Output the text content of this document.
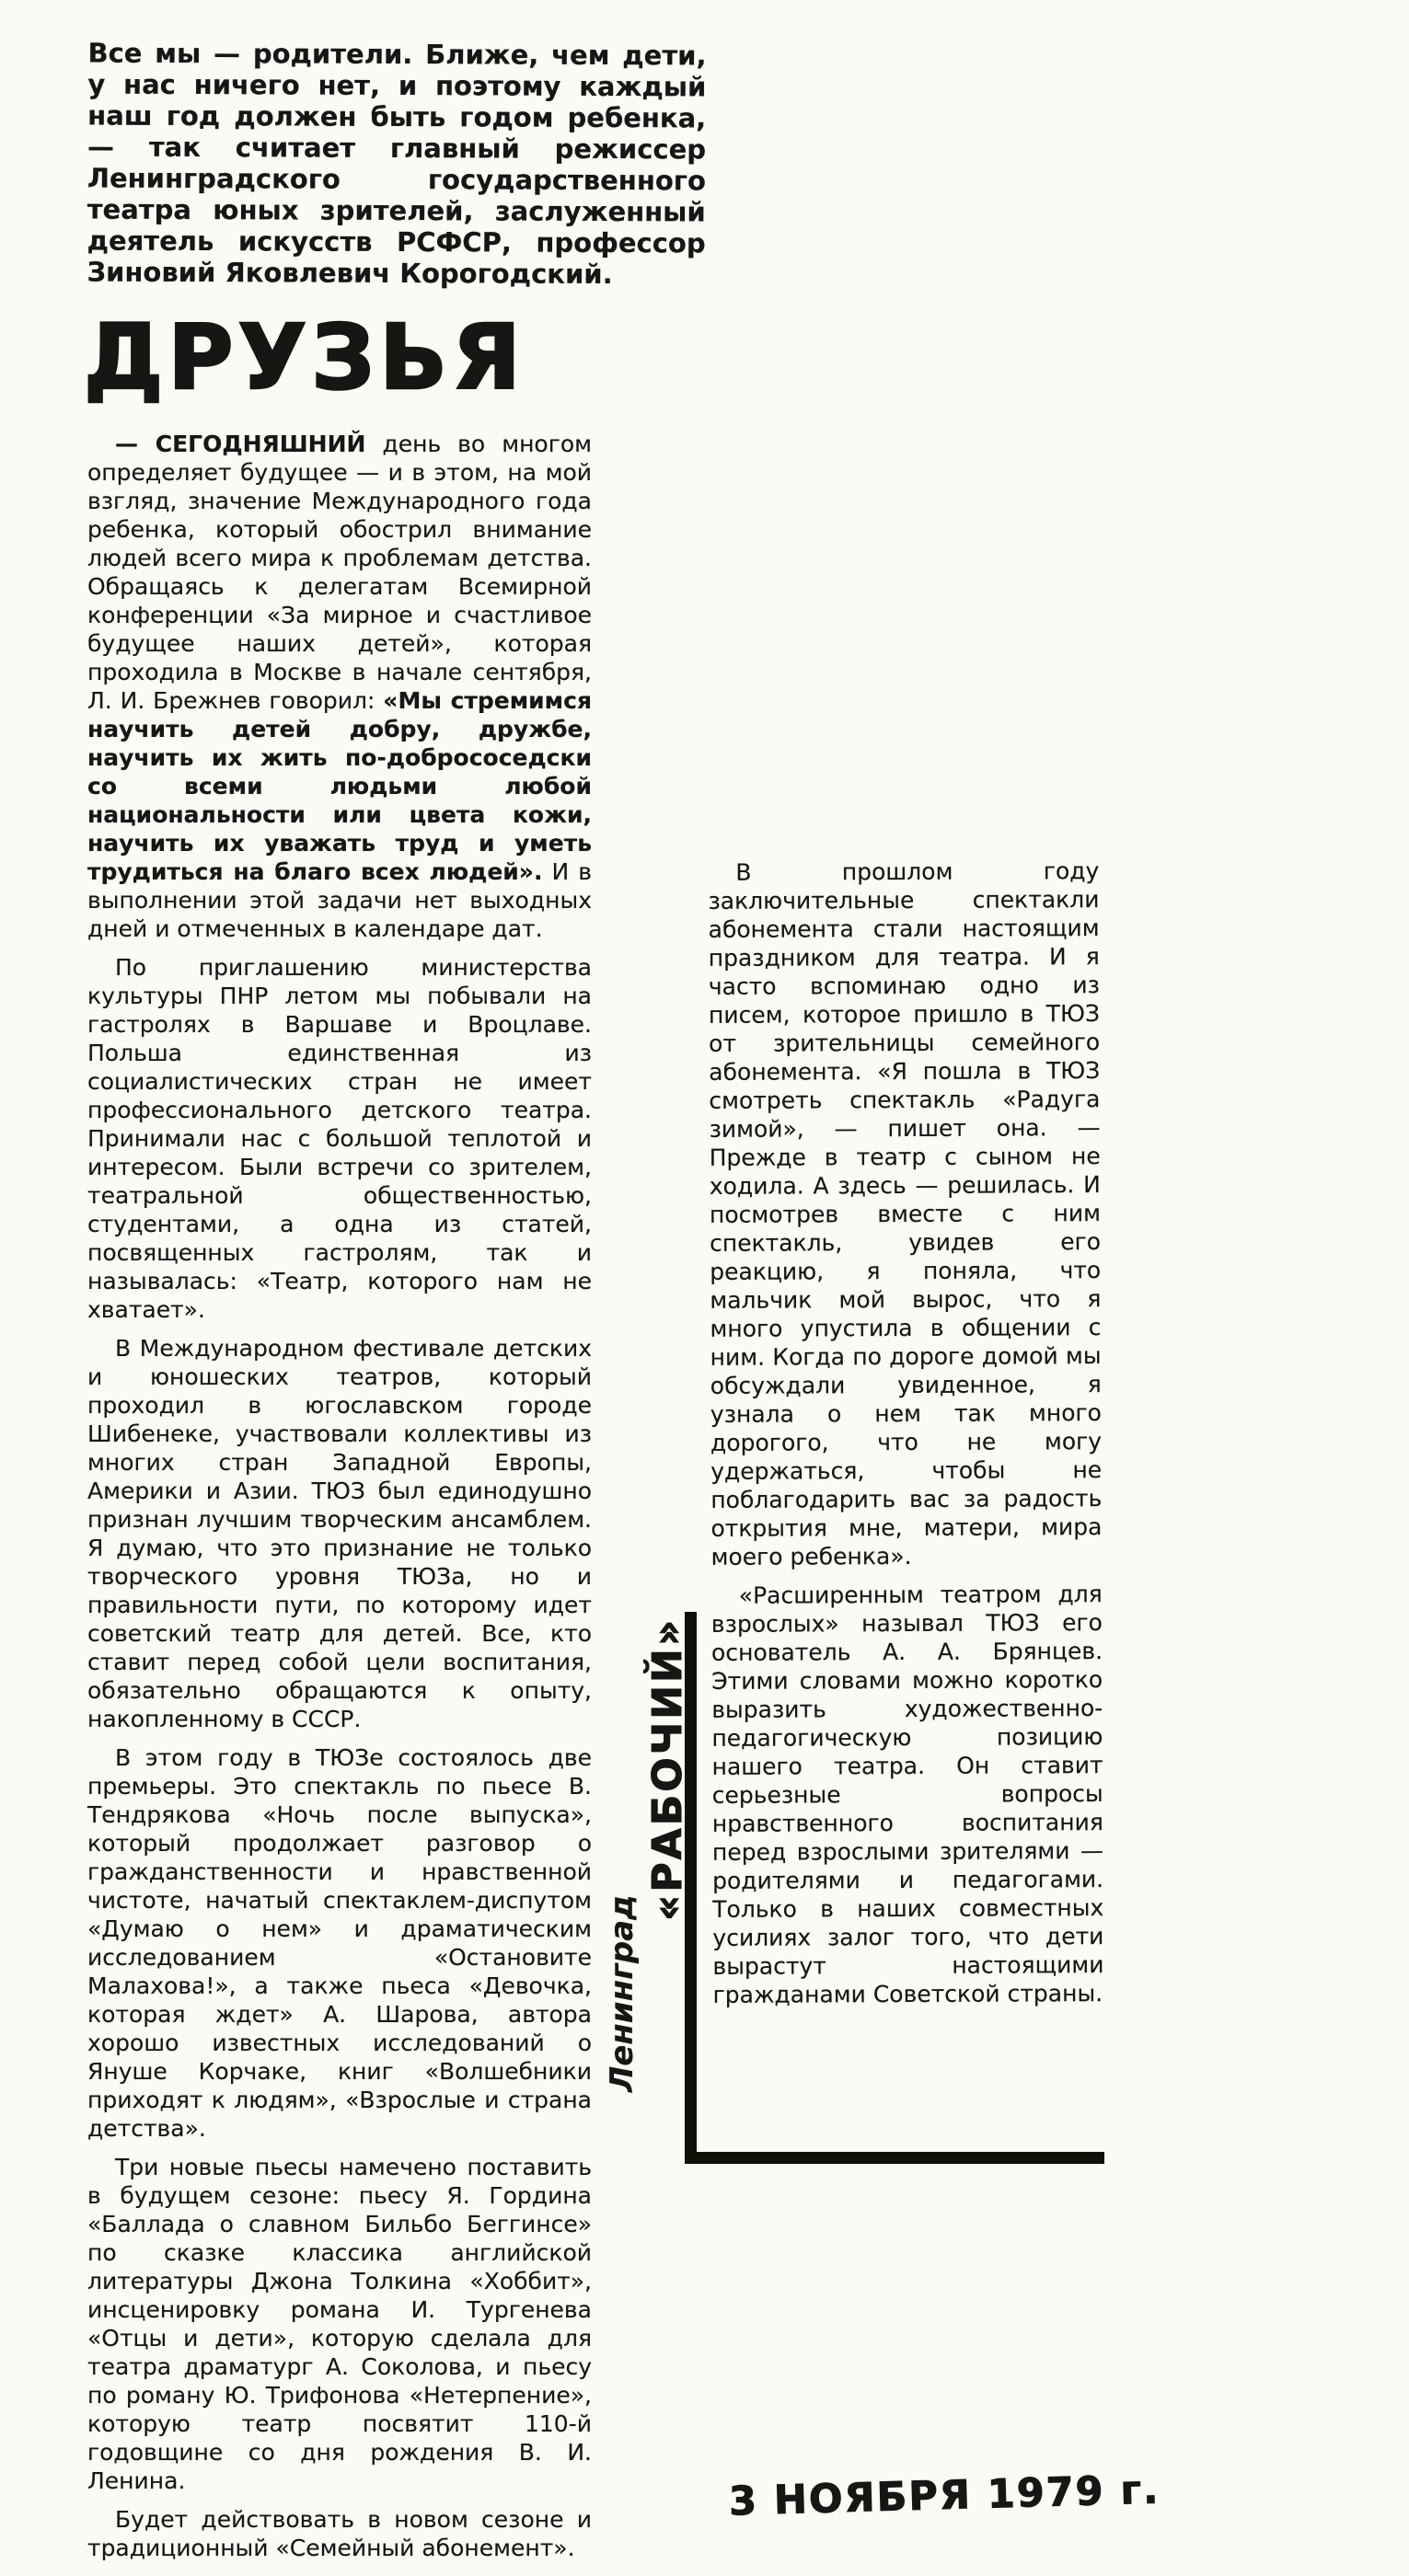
Все мы — родители. Ближе, чем дети, у нас ничего нет, и поэтому каждый наш год должен быть годом ребенка, — так считает главный режиссер Ленинградского государственного театра юных зрителей, заслуженный деятель искусств РСФСР, профессор Зиновий Яковлевич Корогодский.
ДРУЗЬЯ

— СЕГОДНЯШНИЙ день во многом определяет будущее — и в этом, на мой взгляд, значение Международного года ребенка, который обострил внимание людей всего мира к проблемам детства. Обращаясь к делегатам Всемирной конференции «За мирное и счастливое будущее наших детей», которая проходила в Москве в начале сентября, Л. И. Брежнев говорил: «Мы стремимся научить детей добру, дружбе, научить их жить по-добрососедски со всеми людьми любой национальности или цвета кожи, научить их уважать труд и уметь трудиться на благо всех людей». И в выполнении этой задачи нет выходных дней и отмеченных в календаре дат.

По приглашению министерства культуры ПНР летом мы побывали на гастролях в Варшаве и Вроцлаве. Польша единственная из социалистических стран не имеет профессионального детского театра. Принимали нас с большой теплотой и интересом. Были встречи со зрителем, театральной общественностью, студентами, а одна из статей, посвященных гастролям, так и называлась: «Театр, которого нам не хватает».

В Международном фестивале детских и юношеских театров, который проходил в югославском городе Шибенеке, участвовали коллективы из многих стран Западной Европы, Америки и Азии. ТЮЗ был единодушно признан лучшим творческим ансамблем. Я думаю, что это признание не только творческого уровня ТЮЗа, но и правильности пути, по которому идет советский театр для детей. Все, кто ставит перед собой цели воспитания, обязательно обращаются к опыту, накопленному в СССР.

В этом году в ТЮЗе состоялось две премьеры. Это спектакль по пьесе В. Тендрякова «Ночь после выпуска», который продолжает разговор о гражданственности и нравственной чистоте, начатый спектаклем-диспутом «Думаю о нем» и драматическим исследованием «Остановите Малахова!», а также пьеса «Девочка, которая ждет» А. Шарова, автора хорошо известных исследований о Януше Корчаке, книг «Волшебники приходят к людям», «Взрослые и страна детства».

Три новые пьесы намечено поставить в будущем сезоне: пьесу Я. Гордина «Баллада о славном Бильбо Беггинсе» по сказке классика английской литературы Джона Толкина «Хоббит», инсценировку романа И. Тургенева «Отцы и дети», которую сделала для театра драматург А. Соколова, и пьесу по роману Ю. Трифонова «Нетерпение», которую театр посвятит 110-й годовщине со дня рождения В. И. Ленина.

Будет действовать в новом сезоне и традиционный «Семейный абонемент».

В прошлом году заключительные спектакли абонемента стали настоящим праздником для театра. И я часто вспоминаю одно из писем, которое пришло в ТЮЗ от зрительницы семейного абонемента. «Я пошла в ТЮЗ смотреть спектакль «Радуга зимой», — пишет она. — Прежде в театр с сыном не ходила. А здесь — решилась. И посмотрев вместе с ним спектакль, увидев его реакцию, я поняла, что мальчик мой вырос, что я много упустила в общении с ним. Когда по дороге домой мы обсуждали увиденное, я узнала о нем так много дорогого, что не могу удержаться, чтобы не поблагодарить вас за радость открытия мне, матери, мира моего ребенка».

«Расширенным театром для взрослых» называл ТЮЗ его основатель А. А. Брянцев. Этими словами можно коротко выразить художественно-педагогическую позицию нашего театра. Он ставит серьезные вопросы нравственного воспитания перед взрослыми зрителями — родителями и педагогами. Только в наших совместных усилиях залог того, что дети вырастут настоящими гражданами Советской страны.

«РАБОЧИЙ»
Ленинград
3 НОЯБРЯ 1979 г.
